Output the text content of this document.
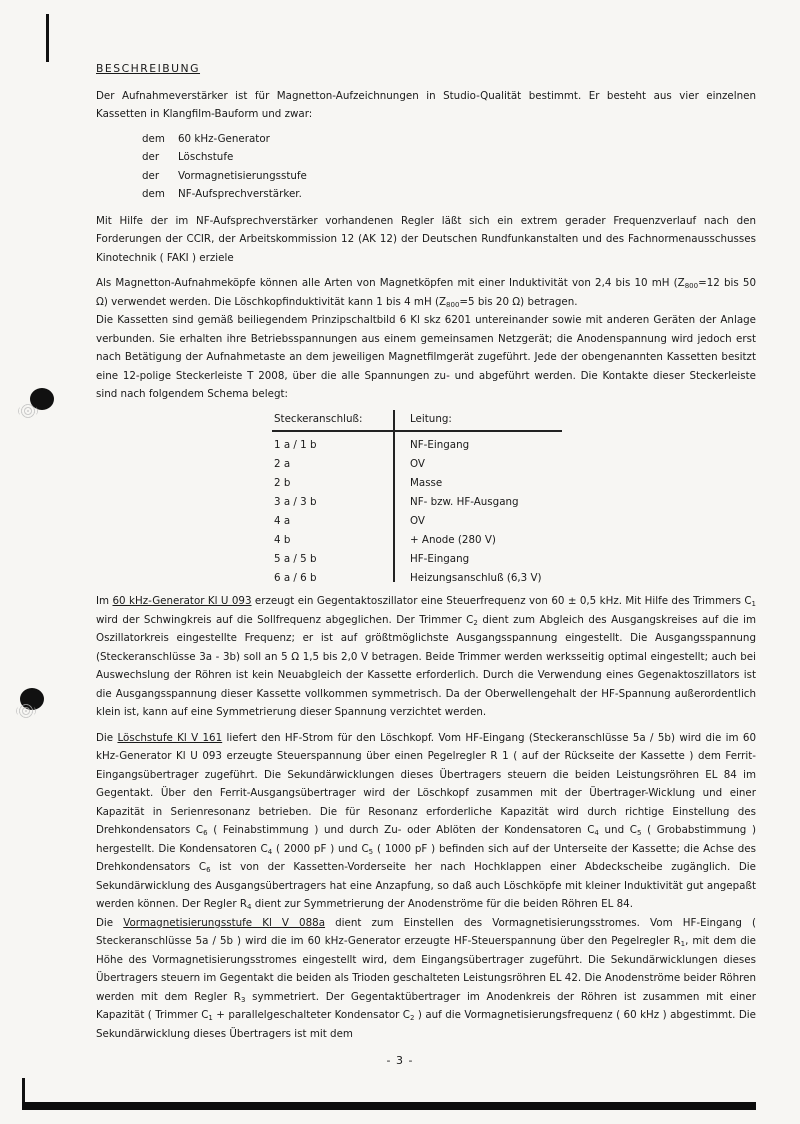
BESCHREIBUNG

Der Aufnahmeverstärker ist für Magnetton-Aufzeichnungen in Studio-Qualität bestimmt. Er besteht aus vier einzelnen Kassetten in Klangfilm-Bauform und zwar:

dem	60 kHz-Generator
der	Löschstufe
der	Vormagnetisierungsstufe
dem	NF-Aufsprechverstärker.

Mit Hilfe der im NF-Aufsprechverstärker vorhandenen Regler läßt sich ein extrem gerader Frequenzverlauf nach den Forderungen der CCIR, der Arbeitskommission 12 (AK 12) der Deutschen Rundfunkanstalten und des Fachnormenausschusses Kinotechnik ( FAKI ) erziele

Als Magnetton-Aufnahmeköpfe können alle Arten von Magnetköpfen mit einer Induktivität von 2,4 bis 10 mH ($Z_{800}=12$ bis 50 Ω) verwendet werden. Die Löschkopfinduktivität kann 1 bis 4 mH ($Z_{800}=5$ bis 20 Ω) betragen.

Die Kassetten sind gemäß beiliegendem Prinzipschaltbild 6 Kl skz 6201 untereinander sowie mit anderen Geräten der Anlage verbunden. Sie erhalten ihre Betriebsspannungen aus einem gemeinsamen Netzgerät; die Anodenspannung wird jedoch erst nach Betätigung der Aufnahmetaste an dem jeweiligen Magnetfilmgerät zugeführt. Jede der obengenannten Kassetten besitzt eine 12-polige Steckerleiste T 2008, über die alle Spannungen zu- und abgeführt werden. Die Kontakte dieser Steckerleiste sind nach folgendem Schema belegt:

Steckeranschluß:	Leitung:
1 a / 1 b	NF-Eingang
2 a	OV
2 b	Masse
3 a / 3 b	NF- bzw. HF-Ausgang
4 a	OV
4 b	+ Anode (280 V)
5 a / 5 b	HF-Eingang
6 a / 6 b	Heizungsanschluß (6,3 V)

Im 60 kHz-Generator Kl U 093 erzeugt ein Gegentaktoszillator eine Steuerfrequenz von 60 ± 0,5 kHz. Mit Hilfe des Trimmers $C_1$ wird der Schwingkreis auf die Sollfrequenz abgeglichen. Der Trimmer $C_2$ dient zum Abgleich des Ausgangskreises auf die im Oszillatorkreis eingestellte Frequenz; er ist auf größtmöglichste Ausgangsspannung eingestellt. Die Ausgangsspannung (Steckeranschlüsse 3a - 3b) soll an 5 Ω 1,5 bis 2,0 V betragen. Beide Trimmer werden werksseitig optimal eingestellt; auch bei Auswechslung der Röhren ist kein Neuabgleich der Kassette erforderlich. Durch die Verwendung eines Gegenaktoszillators ist die Ausgangsspannung dieser Kassette vollkommen symmetrisch. Da der Oberwellengehalt der HF-Spannung außerordentlich klein ist, kann auf eine Symmetrierung dieser Spannung verzichtet werden.

Die Löschstufe Kl V 161 liefert den HF-Strom für den Löschkopf. Vom HF-Eingang (Steckeranschlüsse 5a / 5b) wird die im 60 kHz-Generator Kl U 093 erzeugte Steuerspannung über einen Pegelregler R 1 ( auf der Rückseite der Kassette ) dem Ferrit-Eingangsübertrager zugeführt. Die Sekundärwicklungen dieses Übertragers steuern die beiden Leistungsröhren EL 84 im Gegentakt. Über den Ferrit-Ausgangsübertrager wird der Löschkopf zusammen mit der Übertrager-Wicklung und einer Kapazität in Serienresonanz betrieben. Die für Resonanz erforderliche Kapazität wird durch richtige Einstellung des Drehkondensators $C_6$ ( Feinabstimmung ) und durch Zu- oder Ablöten der Kondensatoren $C_4$ und $C_5$ ( Grobabstimmung ) hergestellt. Die Kondensatoren $C_4$ ( 2000 pF ) und $C_5$ ( 1000 pF ) befinden sich auf der Unterseite der Kassette; die Achse des Drehkondensators $C_6$ ist von der Kassetten-Vorderseite her nach Hochklappen einer Abdeckscheibe zugänglich. Die Sekundärwicklung des Ausgangsübertragers hat eine Anzapfung, so daß auch Löschköpfe mit kleiner Induktivität gut angepaßt werden können. Der Regler $R_4$ dient zur Symmetrierung der Anodenströme für die beiden Röhren EL 84.

Die Vormagnetisierungsstufe Kl V 088a dient zum Einstellen des Vormagnetisierungsstromes. Vom HF-Eingang ( Steckeranschlüsse 5a / 5b ) wird die im 60 kHz-Generator erzeugte HF-Steuerspannung über den Pegelregler $R_1$, mit dem die Höhe des Vormagnetisierungsstromes eingestellt wird, dem Eingangsübertrager zugeführt. Die Sekundärwicklungen dieses Übertragers steuern im Gegentakt die beiden als Trioden geschalteten Leistungsröhren EL 42. Die Anodenströme beider Röhren werden mit dem Regler $R_3$ symmetriert. Der Gegentaktübertrager im Anodenkreis der Röhren ist zusammen mit einer Kapazität ( Trimmer $C_1$ + parallelgeschalteter Kondensator $C_2$ ) auf die Vormagnetisierungsfrequenz ( 60 kHz ) abgestimmt. Die Sekundärwicklung dieses Übertragers ist mit dem

- 3 -
